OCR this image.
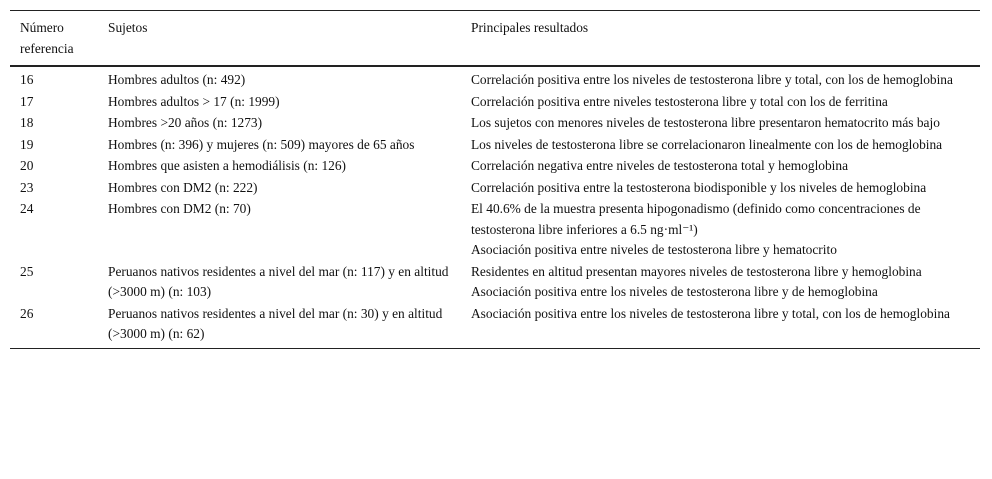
Número referencia	Sujetos	Principales resultados
16	Hombres adultos (n: 492)	Correlación positiva entre los niveles de testosterona libre y total, con los de hemoglobina

17	Hombres adultos > 17 (n: 1999)	Correlación positiva entre niveles testosterona libre y total con los de ferritina

18	Hombres >20 años (n: 1273)	Los sujetos con menores niveles de testosterona libre presentaron hematocrito más bajo

19	Hombres (n: 396) y mujeres (n: 509) mayores de 65 años	Los niveles de testosterona libre se correlacionaron linealmente con los de hemoglobina

20	Hombres que asisten a hemodiálisis (n: 126)	Correlación negativa entre niveles de testosterona total y hemoglobina

23	Hombres con DM2 (n: 222)	Correlación positiva entre la testosterona biodisponible y los niveles de hemoglobina

24	Hombres con DM2 (n: 70)	El 40.6% de la muestra presenta hipogonadismo (definido como concentraciones de testosterona libre inferiores a 6.5 ng·ml⁻¹)
Asociación positiva entre niveles de testosterona libre y hematocrito

25	Peruanos nativos residentes a nivel del mar (n: 117) y en altitud (>3000 m) (n: 103)	Residentes en altitud presentan mayores niveles de testosterona libre y hemoglobina
Asociación positiva entre los niveles de testosterona libre y de hemoglobina

26	Peruanos nativos residentes a nivel del mar (n: 30) y en altitud (>3000 m) (n: 62)	Asociación positiva entre los niveles de testosterona libre y total, con los de hemoglobina
